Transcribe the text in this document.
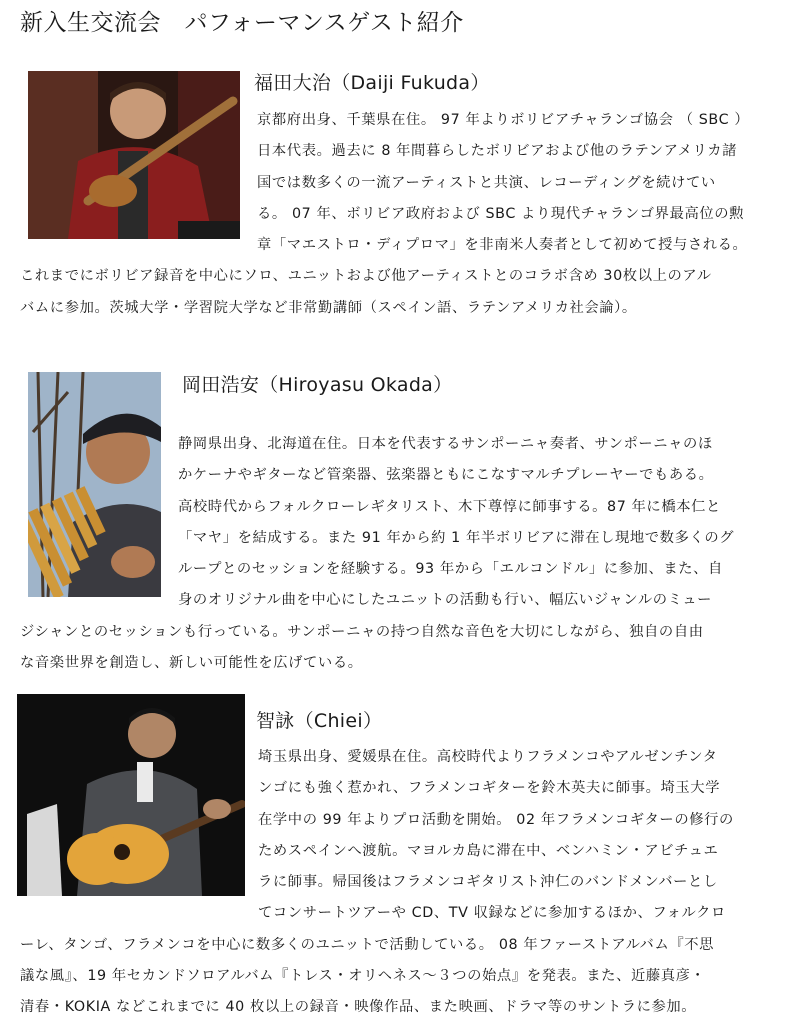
新入生交流会　パフォーマンスゲスト紹介
福田大治（Daiji Fukuda）
京都府出身、千葉県在住。 97 年よりボリビアチャランゴ協会 （ SBC ）
日本代表。過去に 8 年間暮らしたボリビアおよび他のラテンアメリカ諸
国では数多くの一流アーティストと共演、レコーディングを続けてい
る。 07 年、ボリビア政府および SBC より現代チャランゴ界最高位の勲
章「マエストロ・ディプロマ」を非南米人奏者として初めて授与される。
これまでにボリビア録音を中心にソロ、ユニットおよび他アーティストとのコラボ含め 30枚以上のアル
バムに参加。茨城大学・学習院大学など非常勤講師（スペイン語、ラテンアメリカ社会論）。
岡田浩安（Hiroyasu Okada）
静岡県出身、北海道在住。日本を代表するサンポーニャ奏者、サンポーニャのほ
かケーナやギターなど管楽器、弦楽器ともにこなすマルチプレーヤーでもある。
高校時代からフォルクローレギタリスト、木下尊惇に師事する。87 年に橋本仁と
「マヤ」を結成する。また 91 年から約 1 年半ボリビアに滞在し現地で数多くのグ
ループとのセッションを経験する。93 年から「エルコンドル」に参加、また、自
身のオリジナル曲を中心にしたユニットの活動も行い、幅広いジャンルのミュー
ジシャンとのセッションも行っている。サンポーニャの持つ自然な音色を大切にしながら、独自の自由
な音楽世界を創造し、新しい可能性を広げている。
智詠（Chiei）
埼玉県出身、愛媛県在住。高校時代よりフラメンコやアルゼンチンタ
ンゴにも強く惹かれ、フラメンコギターを鈴木英夫に師事。埼玉大学
在学中の 99 年よりプロ活動を開始。 02 年フラメンコギターの修行の
ためスペインへ渡航。マヨルカ島に滞在中、ベンハミン・アビチュエ
ラに師事。帰国後はフラメンコギタリスト沖仁のバンドメンバーとし
てコンサートツアーや CD、TV 収録などに参加するほか、フォルクロ
ーレ、タンゴ、フラメンコを中心に数多くのユニットで活動している。 08 年ファーストアルバム『不思
議な風』、19 年セカンドソロアルバム『トレス・オリヘネス～３つの始点』を発表。また、近藤真彦・
清春・KOKIA などこれまでに 40 枚以上の録音・映像作品、また映画、ドラマ等のサントラに参加。
